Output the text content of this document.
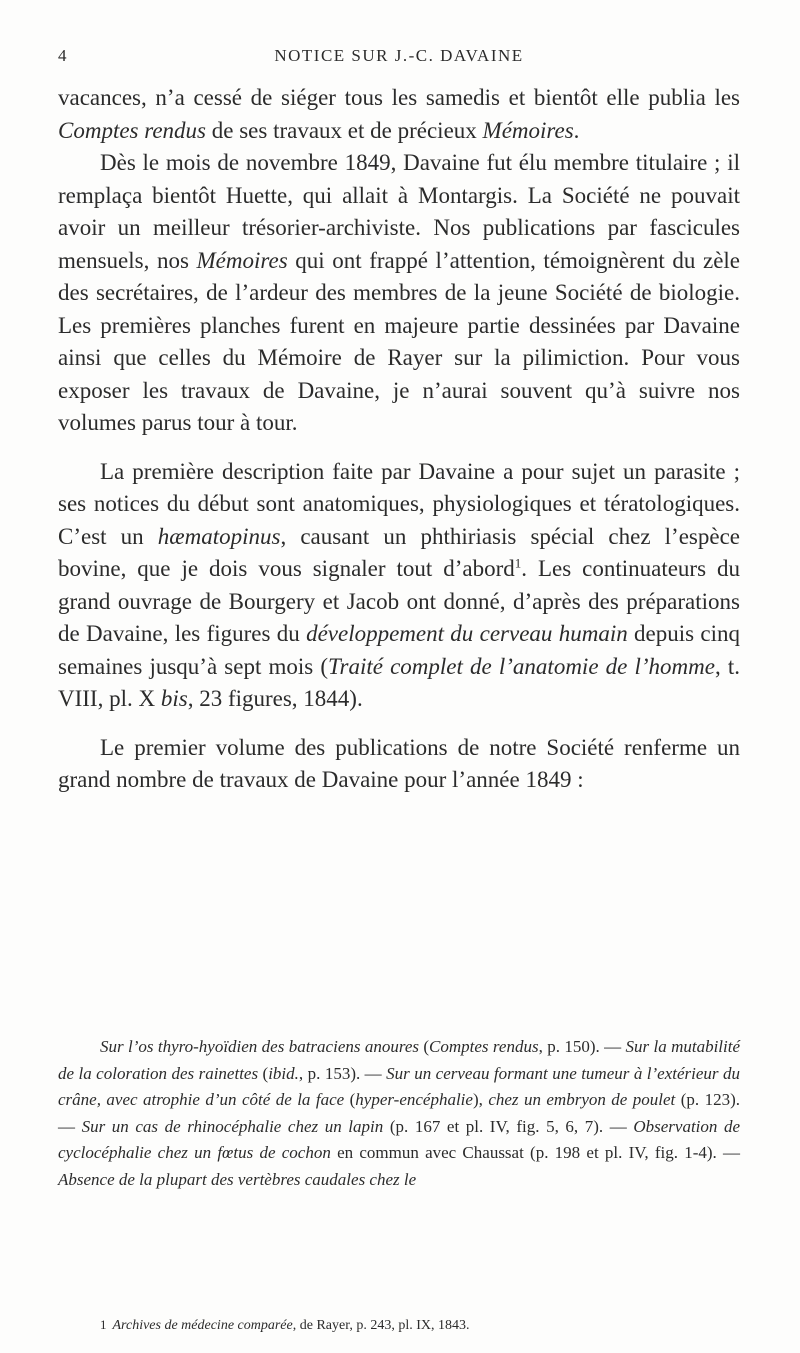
4	NOTICE SUR J.-C. DAVAINE

vacances, n’a cessé de siéger tous les samedis et bientôt elle publia les Comptes rendus de ses travaux et de précieux Mémoires.

Dès le mois de novembre 1849, Davaine fut élu membre titulaire ; il remplaça bientôt Huette, qui allait à Montargis. La Société ne pouvait avoir un meilleur trésorier-archiviste. Nos publications par fascicules mensuels, nos Mémoires qui ont frappé l’attention, témoignèrent du zèle des secrétaires, de l’ardeur des membres de la jeune Société de biologie. Les premières planches furent en majeure partie dessinées par Davaine ainsi que celles du Mémoire de Rayer sur la pilimiction. Pour vous exposer les travaux de Davaine, je n’aurai souvent qu’à suivre nos volumes parus tour à tour.

La première description faite par Davaine a pour sujet un parasite ; ses notices du début sont anatomiques, physiologiques et tératologiques. C’est un hæmatopinus, causant un phthiriasis spécial chez l’espèce bovine, que je dois vous signaler tout d’abord$^1$. Les continuateurs du grand ouvrage de Bourgery et Jacob ont donné, d’après des préparations de Davaine, les figures du développement du cerveau humain depuis cinq semaines jusqu’à sept mois (Traité complet de l’anatomie de l’homme, t. VIII, pl. X bis, 23 figures, 1844).

Le premier volume des publications de notre Société renferme un grand nombre de travaux de Davaine pour l’année 1849 :

Sur l’os thyro-hyoïdien des batraciens anoures (Comptes rendus, p. 150). — Sur la mutabilité de la coloration des rainettes (ibid., p. 153). — Sur un cerveau formant une tumeur à l’extérieur du crâne, avec atrophie d’un côté de la face (hyper-encéphalie), chez un embryon de poulet (p. 123). — Sur un cas de rhinocéphalie chez un lapin (p. 167 et pl. IV, fig. 5, 6, 7). — Observation de cyclocéphalie chez un fœtus de cochon en commun avec Chaussat (p. 198 et pl. IV, fig. 1-4). — Absence de la plupart des vertèbres caudales chez le

1 Archives de médecine comparée, de Rayer, p. 243, pl. IX, 1843.
